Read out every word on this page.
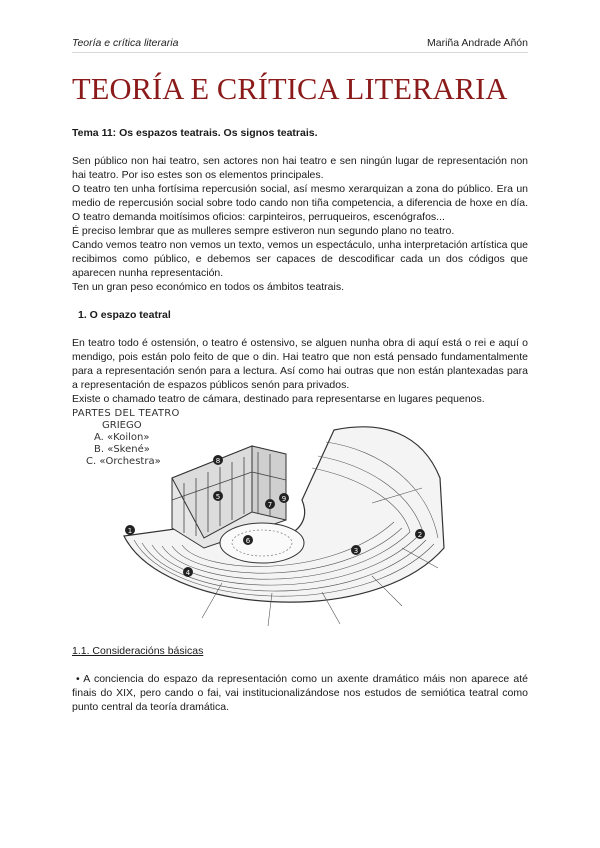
Teoría e crítica literaria	Mariña Andrade Añón
TEORÍA E CRÍTICA LITERARIA

Tema 11: Os espazos teatrais. Os signos teatrais.

Sen público non hai teatro, sen actores non hai teatro e sen ningún lugar de representación non hai teatro. Por iso estes son os elementos principales.

O teatro ten unha fortísima repercusión social, así mesmo xerarquizan a zona do público. Era un medio de repercusión social sobre todo cando non tiña competencia, a diferencia de hoxe en día. O teatro demanda moitísimos oficios: carpinteiros, perruqueiros, escenógrafos...

É preciso lembrar que as mulleres sempre estiveron nun segundo plano no teatro.

Cando vemos teatro non vemos un texto, vemos un espectáculo, unha interpretación artística que recibimos como público, e debemos ser capaces de descodificar cada un dos códigos que aparecen nunha representación.

Ten un gran peso económico en todos os ámbitos teatrais.

1. O espazo teatral

En teatro todo é ostensión, o teatro é ostensivo, se alguen nunha obra di aquí está o rei e aquí o mendigo, pois están polo feito de que o din. Hai teatro que non está pensado fundamentalmente para a representación senón para a lectura. Así como hai outras que non están plantexadas para a representación de espazos públicos senón para privados.

Existe o chamado teatro de cámara, destinado para representarse en lugares pequenos.

1	2
3
4
5
6
7
8
9
PARTES DEL TEATRO
GRIEGO
A. «Koilon»
B. «Skené»
C. «Orchestra»

1.1. Consideracións básicas

• A conciencia do espazo da representación como un axente dramático máis non aparece até finais do XIX, pero cando o fai, vai institucionalizándose nos estudos de semiótica teatral como punto central da teoría dramática.
